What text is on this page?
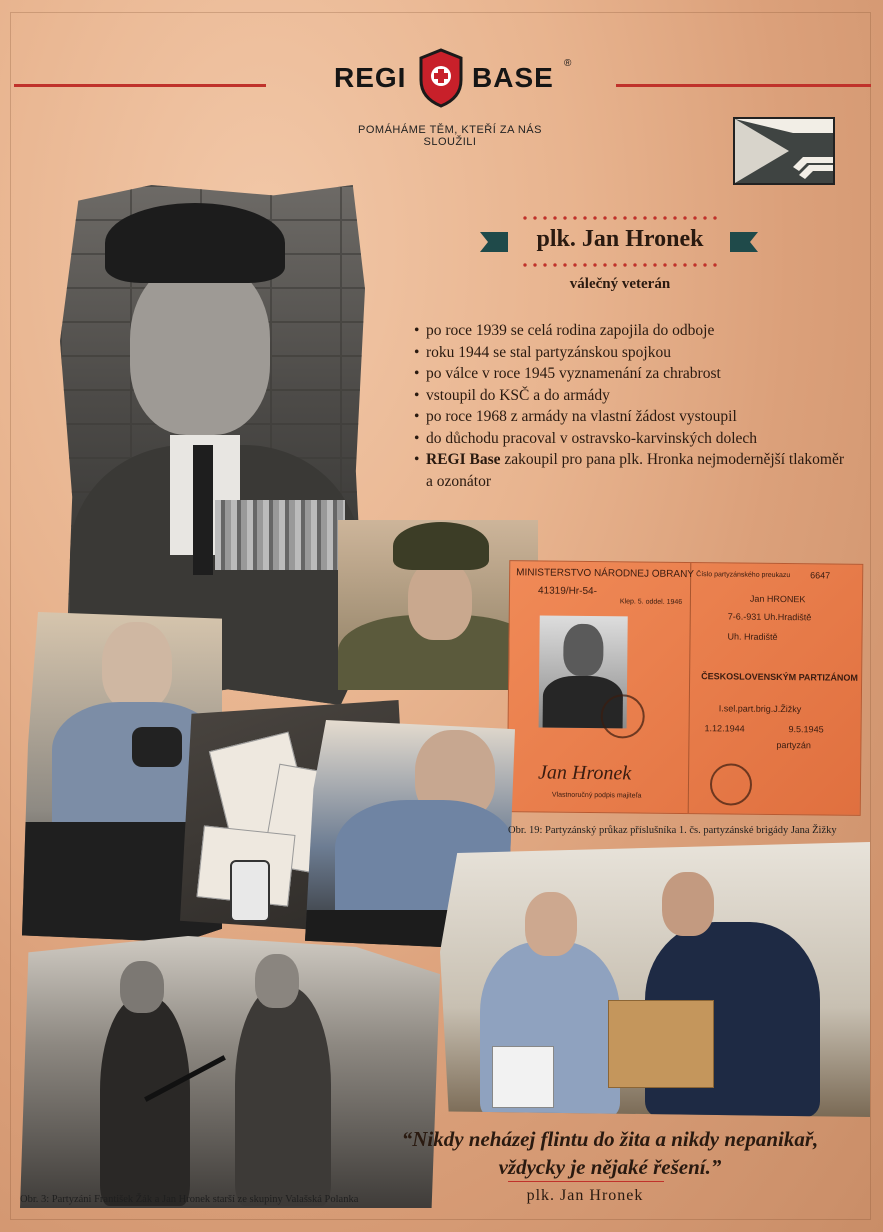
REGI BASE ®
POMÁHÁME TĚM, KTEŘÍ ZA NÁS SLOUŽILI
plk. Jan Hronek
válečný veterán
• po roce 1939 se celá rodina zapojila do odboje
• roku 1944 se stal partyzánskou spojkou
• po válce v roce 1945 vyznamenání za chrabrost
• vstoupil do KSČ a do armády
• po roce 1968 z armády na vlastní žádost vystoupil
• do důchodu pracoval v ostravsko-karvinských dolech
• REGI Base zakoupil pro pana plk. Hronka nejmodernější tlakoměr a ozonátor
MINISTERSTVO NÁRODNEJ OBRANY
41319/Hr-54-
Klep. 5. oddel. 1946
Jan Hronek
Vlastnoručný podpis majiteľa
Číslo partyzánského preukazu 6647
Jan HRONEK
7-6.-931 Uh.Hradiště
Uh. Hradiště
ČESKOSLOVENSKÝM PARTIZÁNOM
I.sel.part.brig.J.Žižky
1.12.1944	9.5.1945
partyzán
Obr. 19: Partyzánský průkaz příslušníka 1. čs. partyzánské brigády Jana Žižky
Obr. 3: Partyzáni František Žák a Jan Hronek starší ze skupiny Valašská Polanka
“Nikdy neházej flintu do žita a nikdy nepanikař,
vždycky je nějaké řešení.”
plk. Jan Hronek
